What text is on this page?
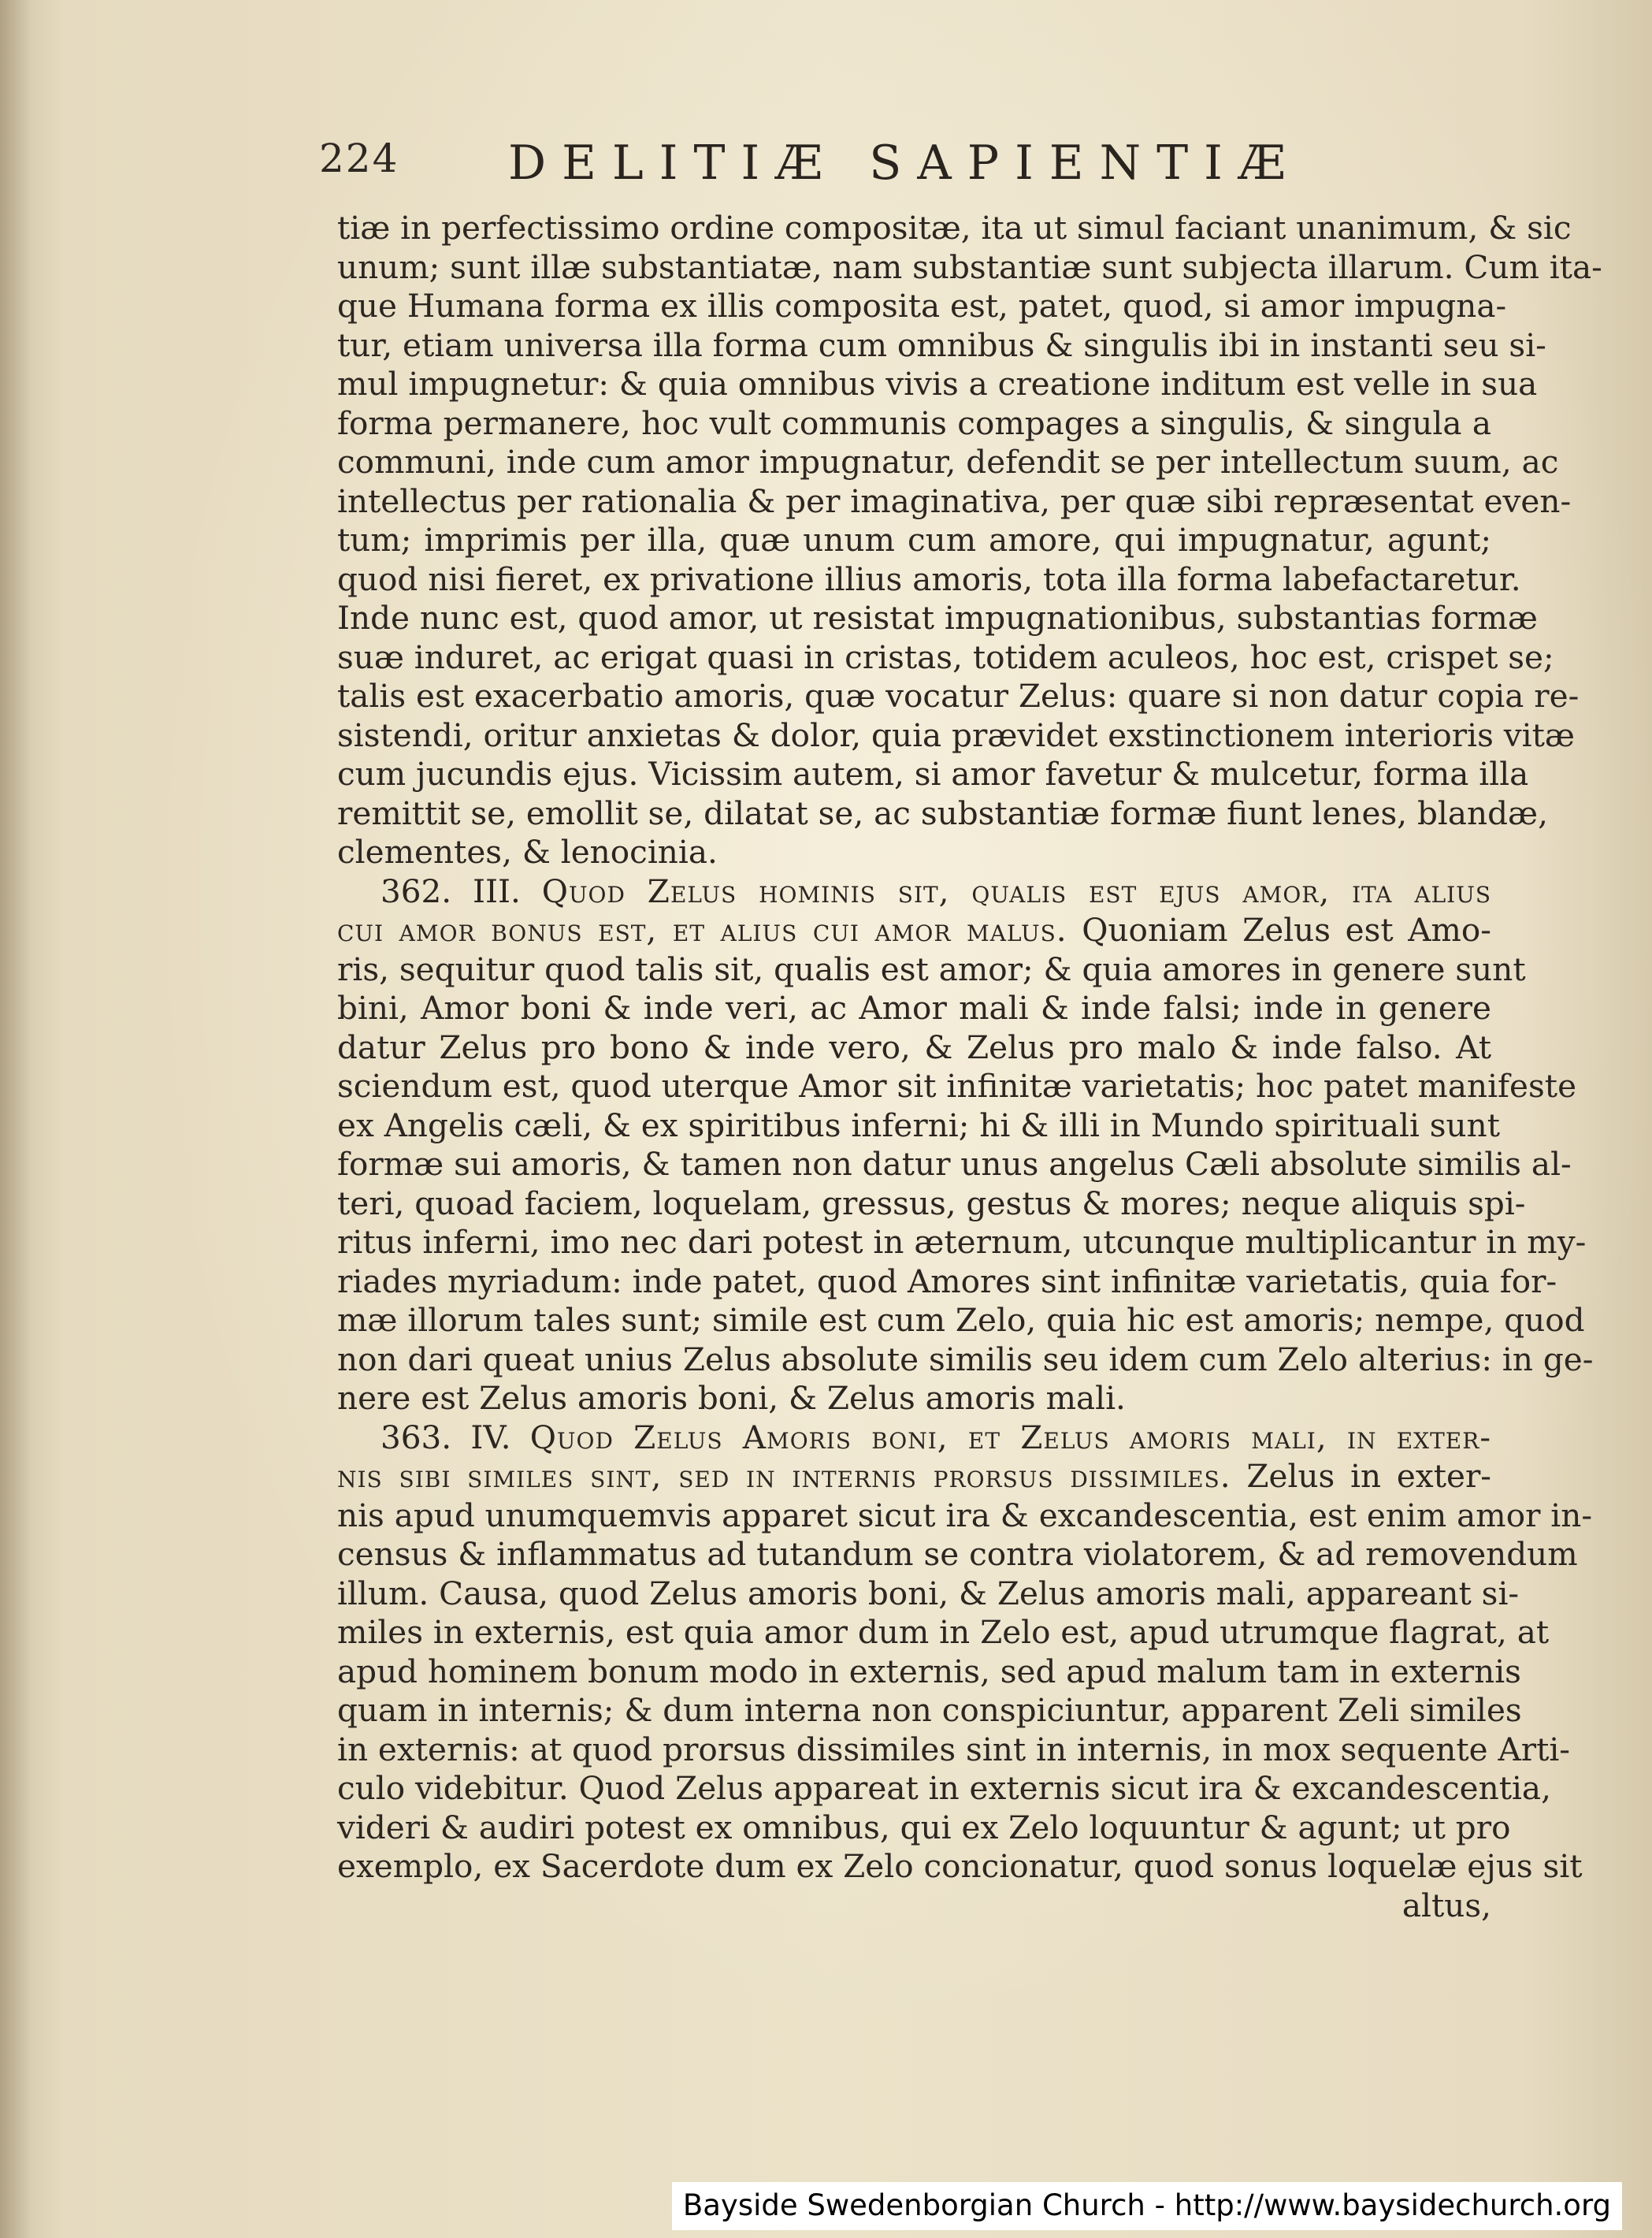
224 DELITIÆ SAPIENTIÆ
tiæ in perfectissimo ordine compositæ, ita ut simul faciant unanimum, & sic
unum; sunt illæ substantiatæ, nam substantiæ sunt subjecta illarum. Cum ita-
que Humana forma ex illis composita est, patet, quod, si amor impugna-
tur, etiam universa illa forma cum omnibus & singulis ibi in instanti seu si-
mul impugnetur: & quia omnibus vivis a creatione inditum est velle in sua
forma permanere, hoc vult communis compages a singulis, & singula a
communi, inde cum amor impugnatur, defendit se per intellectum suum, ac
intellectus per rationalia & per imaginativa, per quæ sibi repræsentat even-
tum; imprimis per illa, quæ unum cum amore, qui impugnatur, agunt;
quod nisi fieret, ex privatione illius amoris, tota illa forma labefactaretur.
Inde nunc est, quod amor, ut resistat impugnationibus, substantias formæ
suæ induret, ac erigat quasi in cristas, totidem aculeos, hoc est, crispet se;
talis est exacerbatio amoris, quæ vocatur Zelus: quare si non datur copia re-
sistendi, oritur anxietas & dolor, quia prævidet exstinctionem interioris vitæ
cum jucundis ejus. Vicissim autem, si amor favetur & mulcetur, forma illa
remittit se, emollit se, dilatat se, ac substantiæ formæ fiunt lenes, blandæ,
clementes, & lenocinia.
362. III. Quod Zelus hominis sit, qualis est ejus amor, ita alius
cui amor bonus est, et alius cui amor malus. Quoniam Zelus est Amo-
ris, sequitur quod talis sit, qualis est amor; & quia amores in genere sunt
bini, Amor boni & inde veri, ac Amor mali & inde falsi; inde in genere
datur Zelus pro bono & inde vero, & Zelus pro malo & inde falso. At
sciendum est, quod uterque Amor sit infinitæ varietatis; hoc patet manifeste
ex Angelis cæli, & ex spiritibus inferni; hi & illi in Mundo spirituali sunt
formæ sui amoris, & tamen non datur unus angelus Cæli absolute similis al-
teri, quoad faciem, loquelam, gressus, gestus & mores; neque aliquis spi-
ritus inferni, imo nec dari potest in æternum, utcunque multiplicantur in my-
riades myriadum: inde patet, quod Amores sint infinitæ varietatis, quia for-
mæ illorum tales sunt; simile est cum Zelo, quia hic est amoris; nempe, quod
non dari queat unius Zelus absolute similis seu idem cum Zelo alterius: in ge-
nere est Zelus amoris boni, & Zelus amoris mali.
363. IV. Quod Zelus Amoris boni, et Zelus amoris mali, in exter-
nis sibi similes sint, sed in internis prorsus dissimiles. Zelus in exter-
nis apud unumquemvis apparet sicut ira & excandescentia, est enim amor in-
census & inflammatus ad tutandum se contra violatorem, & ad removendum
illum. Causa, quod Zelus amoris boni, & Zelus amoris mali, appareant si-
miles in externis, est quia amor dum in Zelo est, apud utrumque flagrat, at
apud hominem bonum modo in externis, sed apud malum tam in externis
quam in internis; & dum interna non conspiciuntur, apparent Zeli similes
in externis: at quod prorsus dissimiles sint in internis, in mox sequente Arti-
culo videbitur. Quod Zelus appareat in externis sicut ira & excandescentia,
videri & audiri potest ex omnibus, qui ex Zelo loquuntur & agunt; ut pro
exemplo, ex Sacerdote dum ex Zelo concionatur, quod sonus loquelæ ejus sit
altus,
Bayside Swedenborgian Church - http://www.baysidechurch.org
